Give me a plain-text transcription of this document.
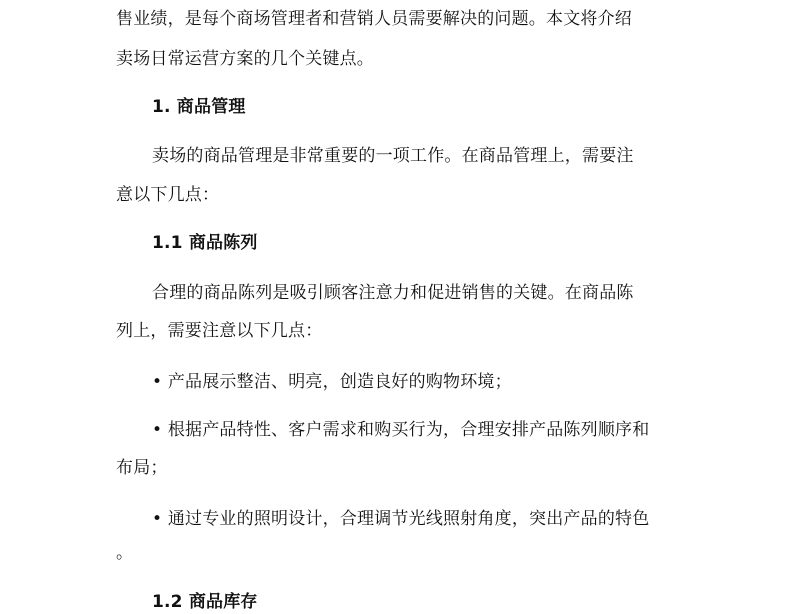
售业绩，是每个商场管理者和营销人员需要解决的问题。本文将介绍

卖场日常运营方案的几个关键点。

1. 商品管理

卖场的商品管理是非常重要的一项工作。在商品管理上，需要注

意以下几点：

1.1 商品陈列

合理的商品陈列是吸引顾客注意力和促进销售的关键。在商品陈

列上，需要注意以下几点：

• 产品展示整洁、明亮，创造良好的购物环境；

• 根据产品特性、客户需求和购买行为，合理安排产品陈列顺序和

布局；

• 通过专业的照明设计，合理调节光线照射角度，突出产品的特色

。

1.2 商品库存
